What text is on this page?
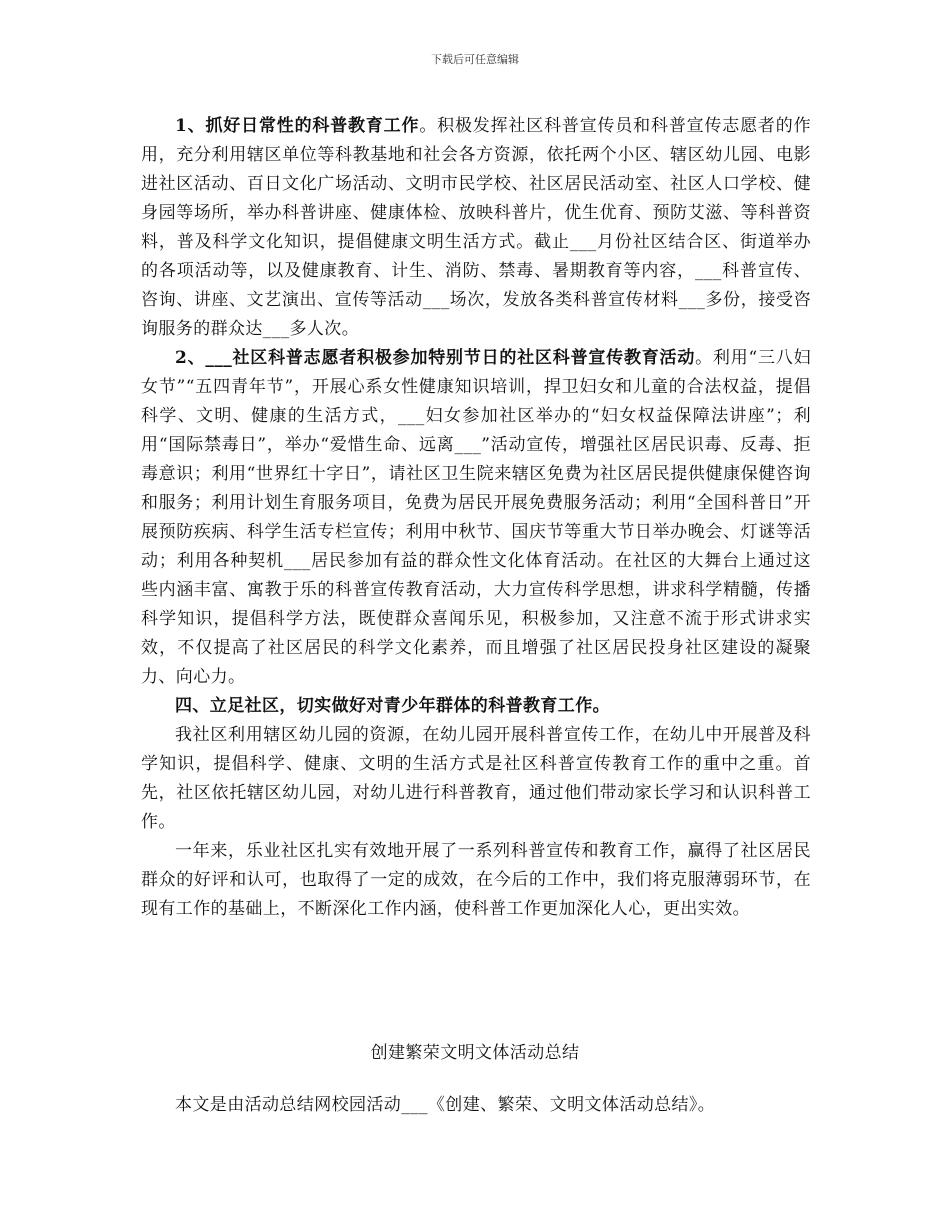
下载后可任意编辑

1、抓好日常性的科普教育工作。积极发挥社区科普宣传员和科普宣传志愿者的作用，充分利用辖区单位等科教基地和社会各方资源，依托两个小区、辖区幼儿园、电影进社区活动、百日文化广场活动、文明市民学校、社区居民活动室、社区人口学校、健身园等场所，举办科普讲座、健康体检、放映科普片，优生优育、预防艾滋、等科普资料，普及科学文化知识，提倡健康文明生活方式。截止___月份社区结合区、街道举办的各项活动等，以及健康教育、计生、消防、禁毒、暑期教育等内容，___科普宣传、咨询、讲座、文艺演出、宣传等活动___场次，发放各类科普宣传材料___多份，接受咨询服务的群众达___多人次。

2、___社区科普志愿者积极参加特别节日的社区科普宣传教育活动。利用“三八妇女节”“五四青年节”，开展心系女性健康知识培训，捍卫妇女和儿童的合法权益，提倡科学、文明、健康的生活方式，___妇女参加社区举办的“妇女权益保障法讲座”；利用“国际禁毒日”，举办“爱惜生命、远离___”活动宣传，增强社区居民识毒、反毒、拒毒意识；利用“世界红十字日”，请社区卫生院来辖区免费为社区居民提供健康保健咨询和服务；利用计划生育服务项目，免费为居民开展免费服务活动；利用“全国科普日”开展预防疾病、科学生活专栏宣传；利用中秋节、国庆节等重大节日举办晚会、灯谜等活动；利用各种契机___居民参加有益的群众性文化体育活动。在社区的大舞台上通过这些内涵丰富、寓教于乐的科普宣传教育活动，大力宣传科学思想，讲求科学精髓，传播科学知识，提倡科学方法，既使群众喜闻乐见，积极参加，又注意不流于形式讲求实效，不仅提高了社区居民的科学文化素养，而且增强了社区居民投身社区建设的凝聚力、向心力。

四、立足社区，切实做好对青少年群体的科普教育工作。

我社区利用辖区幼儿园的资源，在幼儿园开展科普宣传工作，在幼儿中开展普及科学知识，提倡科学、健康、文明的生活方式是社区科普宣传教育工作的重中之重。首先，社区依托辖区幼儿园，对幼儿进行科普教育，通过他们带动家长学习和认识科普工作。

一年来，乐业社区扎实有效地开展了一系列科普宣传和教育工作，赢得了社区居民群众的好评和认可，也取得了一定的成效，在今后的工作中，我们将克服薄弱环节，在现有工作的基础上，不断深化工作内涵，使科普工作更加深化人心，更出实效。

创建繁荣文明文体活动总结
本文是由活动总结网校园活动___《创建、繁荣、文明文体活动总结》。
